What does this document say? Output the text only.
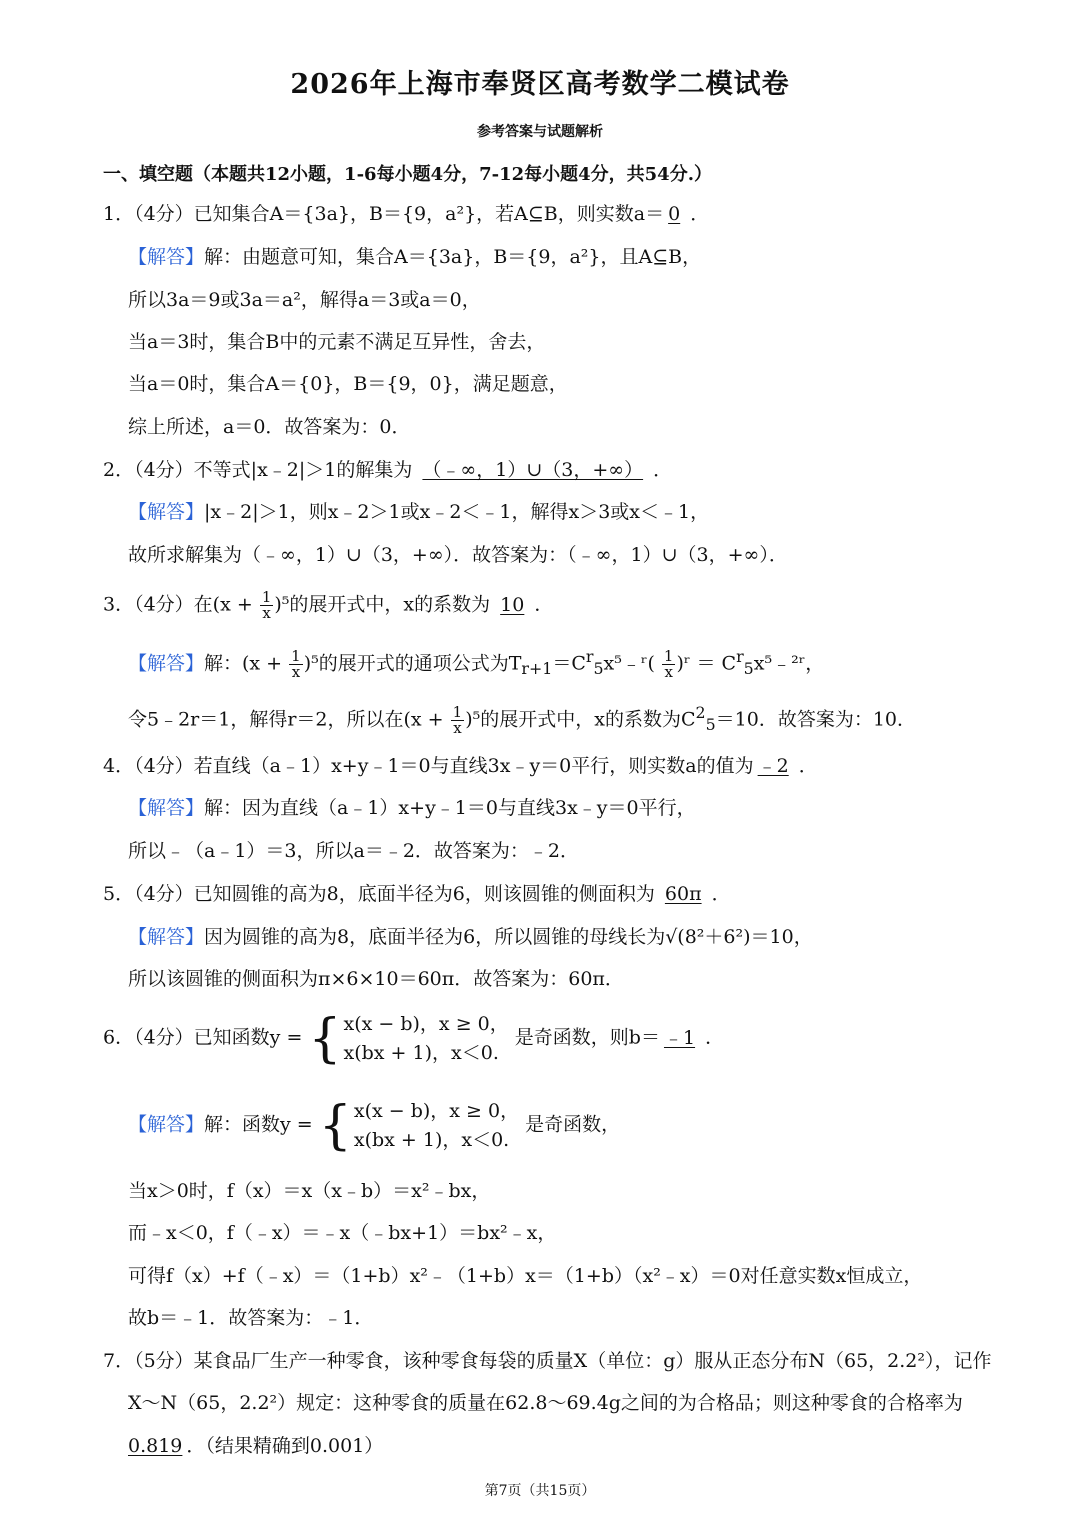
2026年上海市奉贤区高考数学二模试卷
参考答案与试题解析
一、填空题（本题共12小题，1-6每小题4分，7-12每小题4分，共54分.）
1．（4分）已知集合A＝{3a}，B＝{9，a²}，若A⊆B，则实数a＝ 0 ．
【解答】解：由题意可知，集合A＝{3a}，B＝{9，a²}，且A⊆B，
所以3a＝9或3a＝a²，解得a＝3或a＝0，
当a＝3时，集合B中的元素不满足互异性，舍去，
当a＝0时，集合A＝{0}，B＝{9，0}，满足题意，
综上所述，a＝0．故答案为：0．
2．（4分）不等式|x﹣2|＞1的解集为 （﹣∞，1）∪（3，+∞） ．
【解答】|x﹣2|＞1，则x﹣2＞1或x﹣2＜﹣1，解得x＞3或x＜﹣1，
故所求解集为（﹣∞，1）∪（3，+∞）．故答案为：（﹣∞，1）∪（3，+∞）．
3．（4分）在$(x + \frac{1}{x} )^5$的展开式中，x的系数为 10 ．
【解答】解：$(x + \frac{1}{x} )^5$的展开式的通项公式为$T_{r+1}=C^r_5x^5﹣ʳ( \frac{1}{x}$ )ʳ ＝ $C^r_5x^5﹣^2ʳ$，
令5﹣2r＝1，解得r＝2，所以在$(x + \frac{1}{x} )^5$的展开式中，x的系数为$C^2_5=10$．故答案为：10．
4．（4分）若直线（a﹣1）x+y﹣1＝0与直线3x﹣y＝0平行，则实数a的值为 ﹣2 ．
【解答】解：因为直线（a﹣1）x+y﹣1＝0与直线3x﹣y＝0平行，
所以﹣（a﹣1）＝3，所以a＝﹣2．故答案为：﹣2．
5．（4分）已知圆锥的高为8，底面半径为6，则该圆锥的侧面积为 60π ．
【解答】因为圆锥的高为8，底面半径为6，所以圆锥的母线长为√(8²＋6²)＝10，
所以该圆锥的侧面积为π×6×10＝60π．故答案为：60π．
6．（4分）已知函数y = { x(x − b)，x ≥ 0，
x(bx + 1)，x＜0.
是奇函数，则b＝ ﹣1 ．
【解答】解：函数y = { x(x − b)，x ≥ 0，
x(bx + 1)，x＜0.
是奇函数，
当x＞0时，f（x）＝x（x﹣b）＝x²﹣bx，
而﹣x＜0，f（﹣x）＝﹣x（﹣bx+1）＝bx²﹣x，
可得f（x）+f（﹣x）＝（1+b）x²﹣（1+b）x＝（1+b）（x²﹣x）＝0对任意实数x恒成立，
故b＝﹣1．故答案为：﹣1．
7．（5分）某食品厂生产一种零食，该种零食每袋的质量X（单位：g）服从正态分布N（65，2.2²），记作
X～N（65，2.2²）规定：这种零食的质量在62.8～69.4g之间的为合格品；则这种零食的合格率为
0.819 ．（结果精确到0.001）
第7页（共15页）
